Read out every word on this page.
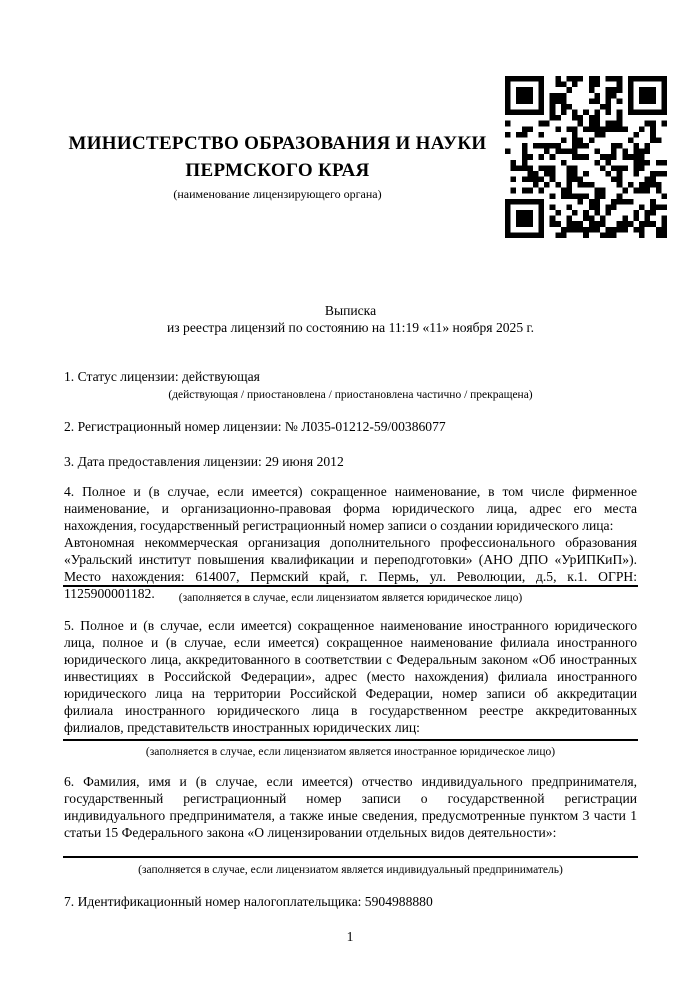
МИНИСТЕРСТВО ОБРАЗОВАНИЯ И НАУКИ
ПЕРМСКОГО КРАЯ
(наименование лицензирующего органа)
Выписка
из реестра лицензий по состоянию на 11:19 «11» ноября 2025 г.
1. Статус лицензии: действующая
(действующая / приостановлена / приостановлена частично / прекращена)
2. Регистрационный номер лицензии: № Л035-01212-59/00386077
3. Дата предоставления лицензии: 29 июня 2012
4. Полное и (в случае, если имеется) сокращенное наименование, в том числе фирменное наименование, и организационно-правовая форма юридического лица, адрес его места нахождения, государственный регистрационный номер записи о создании юридического лица:
Автономная некоммерческая организация дополнительного профессионального образования «Уральский институт повышения квалификации и переподготовки» (АНО ДПО «УрИПКиП»). Место нахождения: 614007, Пермский край, г. Пермь, ул. Революции, д.5, к.1. ОГРН: 1125900001182.	(заполняется в случае, если лицензиатом является юридическое лицо)
5. Полное и (в случае, если имеется) сокращенное наименование иностранного юридического лица, полное и (в случае, если имеется) сокращенное наименование филиала иностранного юридического лица, аккредитованного в соответствии с Федеральным законом «Об иностранных инвестициях в Российской Федерации», адрес (место нахождения) филиала иностранного юридического лица на территории Российской Федерации, номер записи об аккредитации филиала иностранного юридического лица в государственном реестре аккредитованных филиалов, представительств иностранных юридических лиц:
(заполняется в случае, если лицензиатом является иностранное юридическое лицо)
6. Фамилия, имя и (в случае, если имеется) отчество индивидуального предпринимателя, государственный регистрационный номер записи о государственной регистрации индивидуального предпринимателя, а также иные сведения, предусмотренные пунктом 3 части 1 статьи 15 Федерального закона «О лицензировании отдельных видов деятельности»:
(заполняется в случае, если лицензиатом является индивидуальный предприниматель)
7. Идентификационный номер налогоплательщика: 5904988880
1
